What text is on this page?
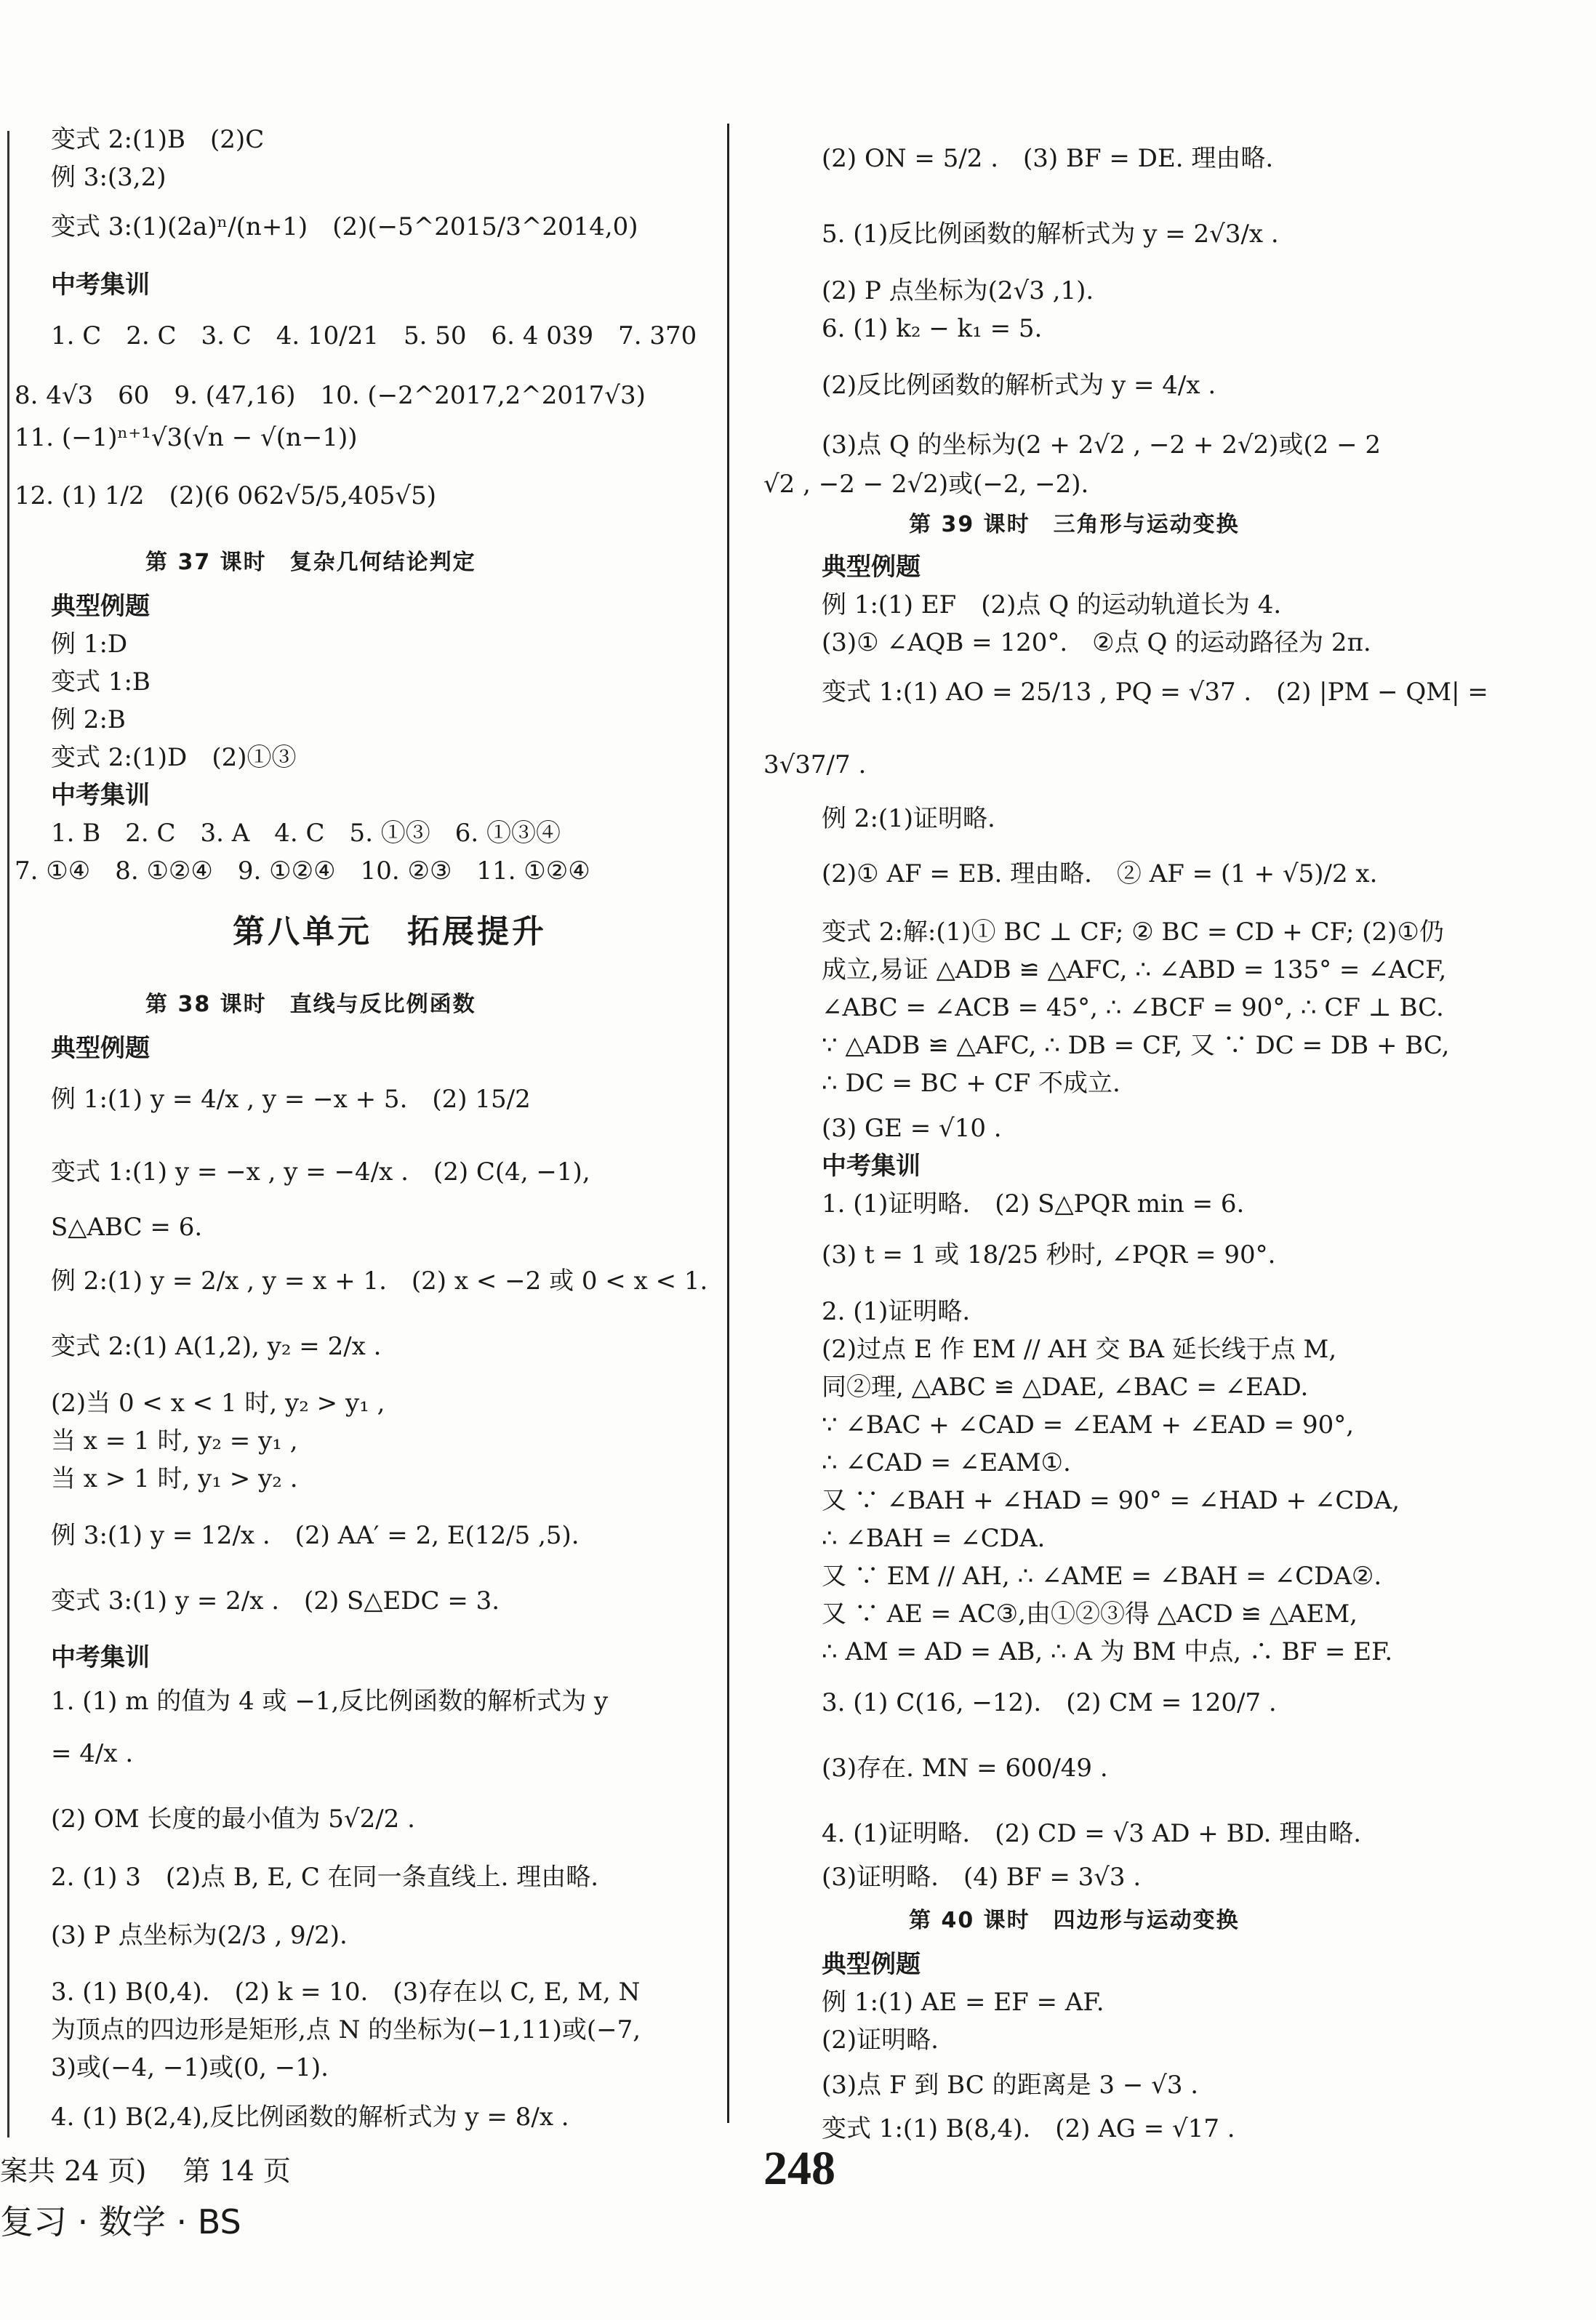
变式 2:(1)B　(2)C
例 3:(3,2)
变式 3:(1)(2a)ⁿ/(n+1)　(2)(−5^2015/3^2014,0)
中考集训
1. C　2. C　3. C　4. 10/21　5. 50　6. 4 039　7. 370
8. 4√3　60　9. (47,16)　10. (−2^2017,2^2017√3)
11. (−1)ⁿ⁺¹√3(√n − √(n−1))
12. (1) 1/2　(2)(6 062√5/5,405√5)
第 37 课时　复杂几何结论判定
典型例题
例 1:D
变式 1:B
例 2:B
变式 2:(1)D　(2)①③
中考集训
1. B　2. C　3. A　4. C　5. ①③　6. ①③④
7. ①④　8. ①②④　9. ①②④　10. ②③　11. ①②④
第八单元　拓展提升
第 38 课时　直线与反比例函数
典型例题
例 1:(1) y = 4/x , y = −x + 5.　(2) 15/2
变式 1:(1) y = −x , y = −4/x .　(2) C(4, −1),
S△ABC = 6.
例 2:(1) y = 2/x , y = x + 1.　(2) x < −2 或 0 < x < 1.
变式 2:(1) A(1,2), y₂ = 2/x .
(2)当 0 < x < 1 时, y₂ > y₁ ,
当 x = 1 时, y₂ = y₁ ,
当 x > 1 时, y₁ > y₂ .
例 3:(1) y = 12/x .　(2) AA′ = 2, E(12/5 ,5).
变式 3:(1) y = 2/x .　(2) S△EDC = 3.
中考集训
1. (1) m 的值为 4 或 −1,反比例函数的解析式为 y
= 4/x .
(2) OM 长度的最小值为 5√2/2 .
2. (1) 3　(2)点 B, E, C 在同一条直线上. 理由略.
(3) P 点坐标为(2/3 , 9/2).
3. (1) B(0,4).　(2) k = 10.　(3)存在以 C, E, M, N
为顶点的四边形是矩形,点 N 的坐标为(−1,11)或(−7,
3)或(−4, −1)或(0, −1).
4. (1) B(2,4),反比例函数的解析式为 y = 8/x .
(2) ON = 5/2 .　(3) BF = DE. 理由略.
5. (1)反比例函数的解析式为 y = 2√3/x .
(2) P 点坐标为(2√3 ,1).
6. (1) k₂ − k₁ = 5.
(2)反比例函数的解析式为 y = 4/x .
(3)点 Q 的坐标为(2 + 2√2 , −2 + 2√2)或(2 − 2
√2 , −2 − 2√2)或(−2, −2).
第 39 课时　三角形与运动变换
典型例题
例 1:(1) EF　(2)点 Q 的运动轨道长为 4.
(3)① ∠AQB = 120°.　②点 Q 的运动路径为 2π.
变式 1:(1) AO = 25/13 , PQ = √37 .　(2) |PM − QM| =
3√37/7 .
例 2:(1)证明略.
(2)① AF = EB. 理由略.　② AF = (1 + √5)/2 x.
变式 2:解:(1)① BC ⊥ CF; ② BC = CD + CF; (2)①仍
成立,易证 △ADB ≌ △AFC, ∴ ∠ABD = 135° = ∠ACF,
∠ABC = ∠ACB = 45°, ∴ ∠BCF = 90°, ∴ CF ⊥ BC.
∵ △ADB ≌ △AFC, ∴ DB = CF, 又 ∵ DC = DB + BC,
∴ DC = BC + CF 不成立.
(3) GE = √10 .
中考集训
1. (1)证明略.　(2) S△PQR min = 6.
(3) t = 1 或 18/25 秒时, ∠PQR = 90°.
2. (1)证明略.
(2)过点 E 作 EM // AH 交 BA 延长线于点 M,
同②理, △ABC ≌ △DAE, ∠BAC = ∠EAD.
∵ ∠BAC + ∠CAD = ∠EAM + ∠EAD = 90°,
∴ ∠CAD = ∠EAM①.
又 ∵ ∠BAH + ∠HAD = 90° = ∠HAD + ∠CDA,
∴ ∠BAH = ∠CDA.
又 ∵ EM // AH, ∴ ∠AME = ∠BAH = ∠CDA②.
又 ∵ AE = AC③,由①②③得 △ACD ≌ △AEM,
∴ AM = AD = AB, ∴ A 为 BM 中点, ∴ BF = EF.
3. (1) C(16, −12).　(2) CM = 120/7 .
(3)存在. MN = 600/49 .
4. (1)证明略.　(2) CD = √3 AD + BD. 理由略.
(3)证明略.　(4) BF = 3√3 .
第 40 课时　四边形与运动变换
典型例题
例 1:(1) AE = EF = AF.
(2)证明略.
(3)点 F 到 BC 的距离是 3 − √3 .
变式 1:(1) B(8,4).　(2) AG = √17 .
案共 24 页)　 第 14 页
复习 · 数学 · BS
248
